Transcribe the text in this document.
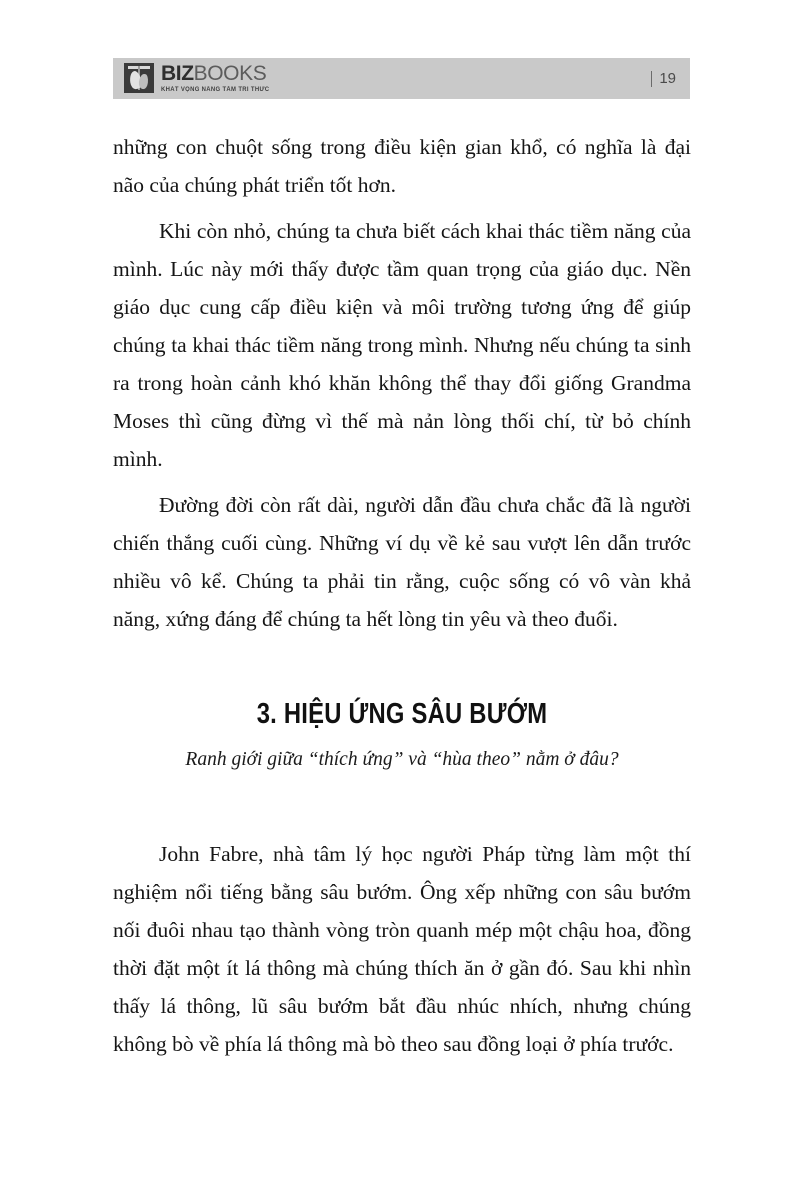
BIZBOOKS
KHÁT VỌNG NÂNG TẦM TRI THỨC
19

những con chuột sống trong điều kiện gian khổ, có nghĩa là đại não của chúng phát triển tốt hơn.

Khi còn nhỏ, chúng ta chưa biết cách khai thác tiềm năng của mình. Lúc này mới thấy được tầm quan trọng của giáo dục. Nền giáo dục cung cấp điều kiện và môi trường tương ứng để giúp chúng ta khai thác tiềm năng trong mình. Nhưng nếu chúng ta sinh ra trong hoàn cảnh khó khăn không thể thay đổi giống Grandma Moses thì cũng đừng vì thế mà nản lòng thối chí, từ bỏ chính mình.

Đường đời còn rất dài, người dẫn đầu chưa chắc đã là người chiến thắng cuối cùng. Những ví dụ về kẻ sau vượt lên dẫn trước nhiều vô kể. Chúng ta phải tin rằng, cuộc sống có vô vàn khả năng, xứng đáng để chúng ta hết lòng tin yêu và theo đuổi.

3. HIỆU ỨNG SÂU BƯỚM

Ranh giới giữa “thích ứng” và “hùa theo” nằm ở đâu?

John Fabre, nhà tâm lý học người Pháp từng làm một thí nghiệm nổi tiếng bằng sâu bướm. Ông xếp những con sâu bướm nối đuôi nhau tạo thành vòng tròn quanh mép một chậu hoa, đồng thời đặt một ít lá thông mà chúng thích ăn ở gần đó. Sau khi nhìn thấy lá thông, lũ sâu bướm bắt đầu nhúc nhích, nhưng chúng không bò về phía lá thông mà bò theo sau đồng loại ở phía trước.
